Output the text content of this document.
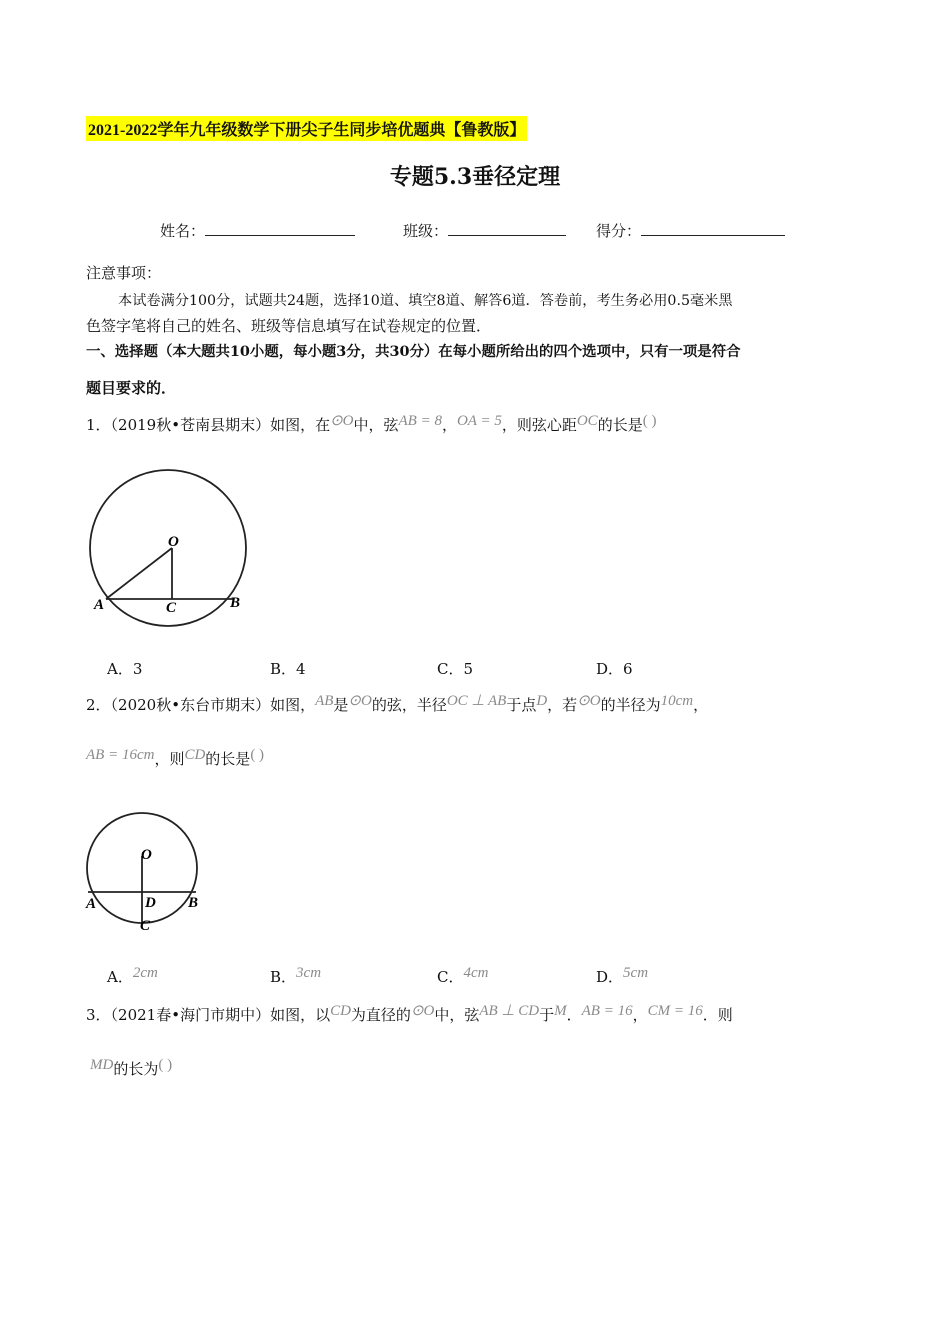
2021-2022学年九年级数学下册尖子生同步培优题典【鲁教版】
专题5.3垂径定理
姓名：	班级：	得分：
注意事项：
本试卷满分100分，试题共24题，选择10道、填空8道、解答6道．答卷前，考生务必用0.5毫米黑
色签字笔将自己的姓名、班级等信息填写在试卷规定的位置．
一、选择题（本大题共10小题，每小题3分，共30分）在每小题所给出的四个选项中，只有一项是符合
题目要求的．
1．（2019秋•苍南县期末）如图，在⊙O中，弦AB = 8，OA = 5，则弦心距OC的长是( )
O
A	B
C
A．3	B．4	C．5	D．6
2．（2020秋•东台市期末）如图，AB是⊙O的弦，半径OC ⊥ AB于点D，若⊙O的半径为10cm，
AB = 16cm，则CD的长是( )
O
A	B
D
C
A．2cm	B．3cm	C．4cm	D．5cm
3．（2021春•海门市期中）如图，以CD为直径的⊙O中，弦AB ⊥ CD于M．AB = 16，CM = 16．则
MD的长为( )
